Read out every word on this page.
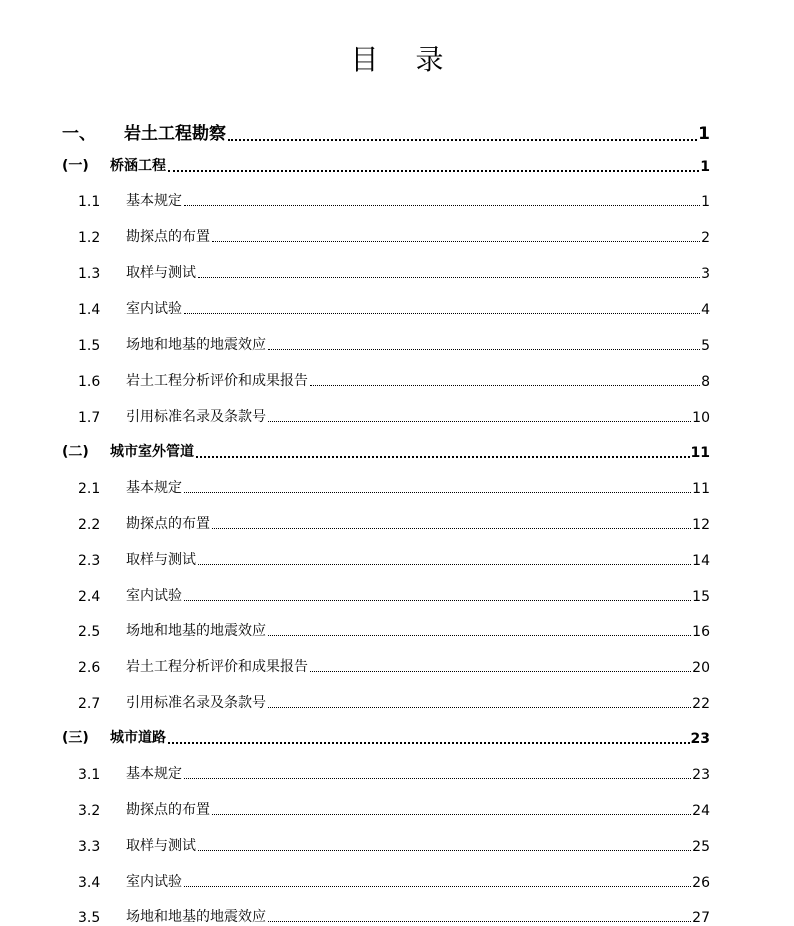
目 录
一、	岩土工程勘察	1
(一)	桥涵工程	1
1.1	基本规定	1
1.2	勘探点的布置	2
1.3	取样与测试	3
1.4	室内试验	4
1.5	场地和地基的地震效应	5
1.6	岩土工程分析评价和成果报告	8
1.7	引用标准名录及条款号	10
(二)	城市室外管道	11
2.1	基本规定	11
2.2	勘探点的布置	12
2.3	取样与测试	14
2.4	室内试验	15
2.5	场地和地基的地震效应	16
2.6	岩土工程分析评价和成果报告	20
2.7	引用标准名录及条款号	22
(三)	城市道路	23
3.1	基本规定	23
3.2	勘探点的布置	24
3.3	取样与测试	25
3.4	室内试验	26
3.5	场地和地基的地震效应	27
